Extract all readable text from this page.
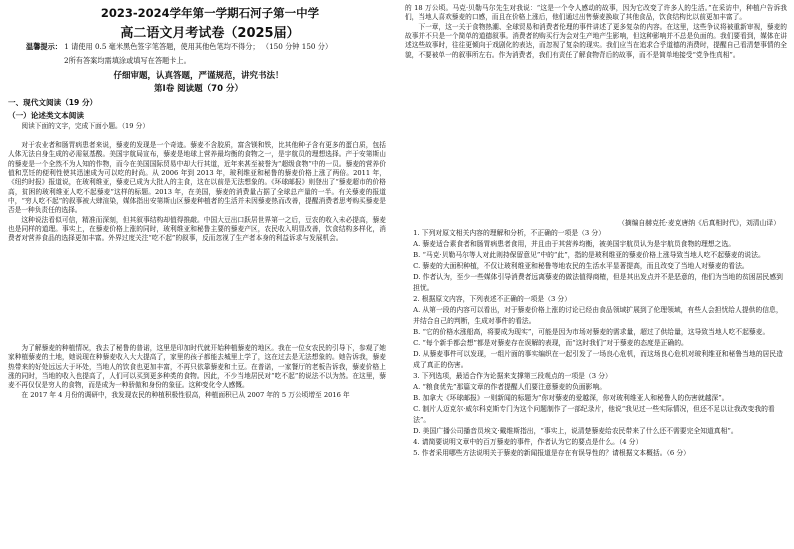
2023-2024学年第一学期石河子第一中学
高二语文月考试卷（2025届）
温馨提示： 1 请使用 0.5 毫米黑色签字笔答题，使用其他色笔均不得分； （150 分钟 150 分）
2所有答案均需填涂或填写在答题卡上。
仔细审题，认真答题，严谨规范，讲究书法！
第Ⅰ卷 阅读题（70 分）
一、现代文阅读（19 分）
（一）论述类文本阅读

阅读下面的文字，完成下面小题。（19 分）

对于农业者和肠胃病患者来说，藜麦的发现是一个奇迹。藜麦不含胶质，富含镁和铁，比其他种子含有更多的蛋白质，包括人体无法自身生成的必需氨基酸。美国宇航局宣布，藜麦是地球上营养最均衡的食物之一，是宇航员的理想选择。产于安第斯山的藜麦是一个全然不为人知的作物，而今在美国国际贸易中却大行其道，近年来甚至被誉为“超级食物”中的一员。藜麦的营养价值和烹饪的便利性使其迅速成为可以吃的时尚。从 2006 年到 2013 年，玻利维亚和秘鲁的藜麦价格上涨了两倍。2011 年，《纽约时报》报道说，在玻利维亚，藜麦已成为大批人的主食，这在以前是无法想象的。《环球邮报》则登出了“藜麦超市的价格高，贫困的玻利维亚人吃不起藜麦”这样的标题。2013 年，在美国，藜麦的消费量占据了全球总产量的一半。有关藜麦的报道中，“穷人吃不起”的叙事被大肆渲染，媒体指出安第斯山区藜麦种植者的生活并未因藜麦热而改善，提醒消费者思考购买藜麦是否是一种负责任的选择。

这种说法看似可信，精准而深刻，但其叙事结构却值得推敲。中国大豆出口跃居世界第一之后，豆农的收入未必提高，藜麦也是同样的道理。事实上，在藜麦价格上涨的同时，玻利维亚和秘鲁主要的藜麦产区，农民收入明显改善，饮食结构多样化，消费者对营养食品的选择更加丰富。外界过度关注“吃不起”的叙事，反而忽视了生产者本身的利益诉求与发展机会。

为了解藜麦的种植情况，我去了秘鲁的普诺，这里是印加时代就开始种植藜麦的地区。我在一位女农民的引导下，参观了她家种植藜麦的土地，她说现在种藜麦收入大大提高了，家里的孩子都能去城里上学了，这在过去是无法想象的。她告诉我，藜麦热带来的好处远远大于坏处，当地人的饮食也更加丰富，不再只依靠藜麦和土豆。在普诺，一家餐厅的老板告诉我，藜麦价格上涨的同时，当地的收入也提高了，人们可以买到更多种类的食物。因此，不少当地居民对“吃不起”的说法不以为然。在这里，藜麦不再仅仅是穷人的食物，而是成为一种骄傲和身份的象征。这种变化令人感慨。

在 2017 年 4 月份的调研中，我发现农民的种植积极性很高，种植面积已从 2007 年的 5 万公顷增至 2016 年

的 18 万公顷。马克·贝勒马尔先生对我说：“这是一个令人感动的故事，因为它改变了许多人的生活。”在采访中，种植户告诉我们，当地人喜欢藜麦的口感，而且在价格上涨后，他们通过出售藜麦换取了其他食品，饮食结构比以前更加丰富了。

下一章，这一关于食物热潮、全球贸易和消费者伦理的事件讲述了更多复杂的内容。在这里，这些争议将被重新审视，藜麦的故事并不只是一个简单的道德叙事。消费者的购买行为会对生产地产生影响，但这种影响并不总是负面的。我们要看到，媒体在讲述这些故事时，往往更倾向于戏剧化的表达，而忽视了复杂的现实。我们应当在追求合乎道德的消费时，提醒自己看清楚事情的全貌，不要被单一的叙事所左右。作为消费者，我们有责任了解食物背后的故事，而不是简单地接受“党争性真相”。

（摘编自赫克托·麦克唐纳《后真相时代》，刘清山译）

1. 下列对原文相关内容的理解和分析，不正确的一项是（3 分）

A. 藜麦适合素食者和肠胃病患者食用，并且由于其营养均衡，被美国宇航员认为是宇航员食物的理想之选。

B. “马克·贝勒马尔等人对此则持保留意见”中的“此”，指的是玻利维亚的藜麦价格上涨导致当地人吃不起藜麦的说法。

C. 藜麦的大面积种植，不仅让玻利维亚和秘鲁等地农民的生活水平显著提高，而且改变了当地人对藜麦的看法。

D. 作者认为，至少一些媒体引导消费者远离藜麦的做法值得商榷，但是其出发点并不是恶意的，他们为当地的贫困居民感到担忧。

2. 根据原文内容，下列表述不正确的一项是（3 分）

A. 从第一段的内容可以看出，对于藜麦价格上涨的讨论已经由食品领域扩展到了伦理领域，有些人会担忧给人提供的信息，并结合自己的判断，生成对事件的看法。

B. “它的价格水涨船高，将要成为现实”，可能是因为市场对藜麦的需求量，超过了供给量，这导致当地人吃不起藜麦。

C. “每个新手都会想”都是对藜麦存在误解的表现，而“这时我们”对于藜麦的态度是正确的。

D. 从藜麦事件可以发现，一组片面的事实编织在一起引发了一场良心危机，而这场良心危机对玻利维亚和秘鲁当地的居民造成了真正的伤害。

3. 下列选项，最适合作为论据来支撑第三段观点的一项是（3 分）

A. “粮食优先”那篇文章的作者提醒人们要注意藜麦的负面影响。

B. 加拿大《环球邮报》一则新闻的标题为“你对藜麦的爱越深，你对玻利维亚人和秘鲁人的伤害就越深”。

C. 制片人迈克尔·威尔科克斯专门为这个问题制作了一部纪录片，他说“我见过一些实际情况，但还不足以让我改变我的看法”。

D. 美国广播公司播音员埃文·戴维斯指出，“事实上，说清楚藜麦给农民带来了什么还不需要完全知道真相”。

4. 请简要说明文章中的百万藜麦的事件，作者认为它的要点是什么。（4 分）

5. 作者采用哪些方法说明关于藜麦的新闻报道是存在有误导性的？请根据文本概括。（6 分）
